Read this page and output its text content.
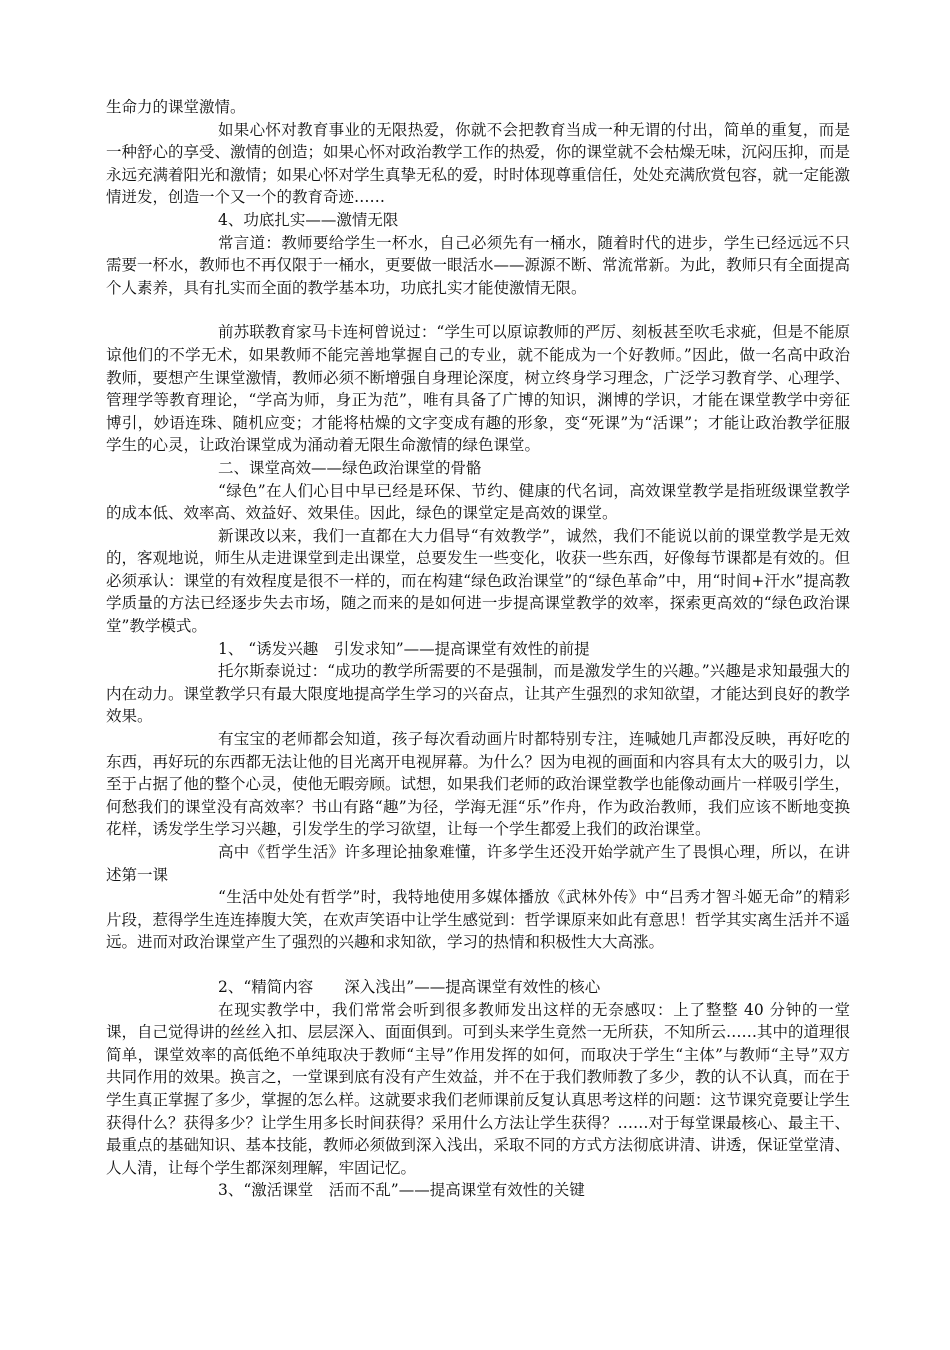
生命力的课堂激情。

如果心怀对教育事业的无限热爱，你就不会把教育当成一种无谓的付出，简单的重复，而是一种舒心的享受、激情的创造；如果心怀对政治教学工作的热爱，你的课堂就不会枯燥无味，沉闷压抑，而是永远充满着阳光和激情；如果心怀对学生真挚无私的爱，时时体现尊重信任，处处充满欣赏包容，就一定能激情迸发，创造一个又一个的教育奇迹……

4、功底扎实——激情无限

常言道：教师要给学生一杯水，自己必须先有一桶水，随着时代的进步，学生已经远远不只需要一杯水，教师也不再仅限于一桶水，更要做一眼活水——源源不断、常流常新。为此，教师只有全面提高个人素养，具有扎实而全面的教学基本功，功底扎实才能使激情无限。

前苏联教育家马卡连柯曾说过：“学生可以原谅教师的严厉、刻板甚至吹毛求疵，但是不能原谅他们的不学无术，如果教师不能完善地掌握自己的专业，就不能成为一个好教师。”因此，做一名高中政治教师，要想产生课堂激情，教师必须不断增强自身理论深度，树立终身学习理念，广泛学习教育学、心理学、管理学等教育理论，“学高为师，身正为范”，唯有具备了广博的知识，渊博的学识，才能在课堂教学中旁征博引，妙语连珠、随机应变；才能将枯燥的文字变成有趣的形象，变“死课”为“活课”；才能让政治教学征服学生的心灵，让政治课堂成为涌动着无限生命激情的绿色课堂。

二、课堂高效——绿色政治课堂的骨骼

“绿色”在人们心目中早已经是环保、节约、健康的代名词，高效课堂教学是指班级课堂教学的成本低、效率高、效益好、效果佳。因此，绿色的课堂定是高效的课堂。

新课改以来，我们一直都在大力倡导“有效教学”，诚然，我们不能说以前的课堂教学是无效的，客观地说，师生从走进课堂到走出课堂，总要发生一些变化，收获一些东西，好像每节课都是有效的。但必须承认：课堂的有效程度是很不一样的，而在构建“绿色政治课堂”的“绿色革命”中，用“时间+汗水”提高教学质量的方法已经逐步失去市场，随之而来的是如何进一步提高课堂教学的效率，探索更高效的“绿色政治课堂”教学模式。

1、 “诱发兴趣　引发求知”——提高课堂有效性的前提

托尔斯泰说过：“成功的教学所需要的不是强制，而是激发学生的兴趣。”兴趣是求知最强大的内在动力。课堂教学只有最大限度地提高学生学习的兴奋点，让其产生强烈的求知欲望，才能达到良好的教学效果。

有宝宝的老师都会知道，孩子每次看动画片时都特别专注，连喊她几声都没反映，再好吃的东西，再好玩的东西都无法让他的目光离开电视屏幕。为什么？因为电视的画面和内容具有太大的吸引力，以至于占据了他的整个心灵，使他无暇旁顾。试想，如果我们老师的政治课堂教学也能像动画片一样吸引学生，何愁我们的课堂没有高效率？书山有路“趣”为径，学海无涯“乐”作舟，作为政治教师，我们应该不断地变换花样，诱发学生学习兴趣，引发学生的学习欲望，让每一个学生都爱上我们的政治课堂。

高中《哲学生活》许多理论抽象难懂，许多学生还没开始学就产生了畏惧心理，所以，在讲述第一课

“生活中处处有哲学”时，我特地使用多媒体播放《武林外传》中“吕秀才智斗姬无命”的精彩片段，惹得学生连连捧腹大笑，在欢声笑语中让学生感觉到：哲学课原来如此有意思！哲学其实离生活并不遥远。进而对政治课堂产生了强烈的兴趣和求知欲，学习的热情和积极性大大高涨。

2、“精简内容　　深入浅出”——提高课堂有效性的核心

在现实教学中，我们常常会听到很多教师发出这样的无奈感叹：上了整整 40 分钟的一堂课，自己觉得讲的丝丝入扣、层层深入、面面俱到。可到头来学生竟然一无所获，不知所云……其中的道理很简单，课堂效率的高低绝不单纯取决于教师“主导”作用发挥的如何，而取决于学生“主体”与教师“主导”双方共同作用的效果。换言之，一堂课到底有没有产生效益，并不在于我们教师教了多少，教的认不认真，而在于学生真正掌握了多少，掌握的怎么样。这就要求我们老师课前反复认真思考这样的问题：这节课究竟要让学生获得什么？获得多少？让学生用多长时间获得？采用什么方法让学生获得？……对于每堂课最核心、最主干、最重点的基础知识、基本技能，教师必须做到深入浅出，采取不同的方式方法彻底讲清、讲透，保证堂堂清、人人清，让每个学生都深刻理解，牢固记忆。

3、“激活课堂　活而不乱”——提高课堂有效性的关键
